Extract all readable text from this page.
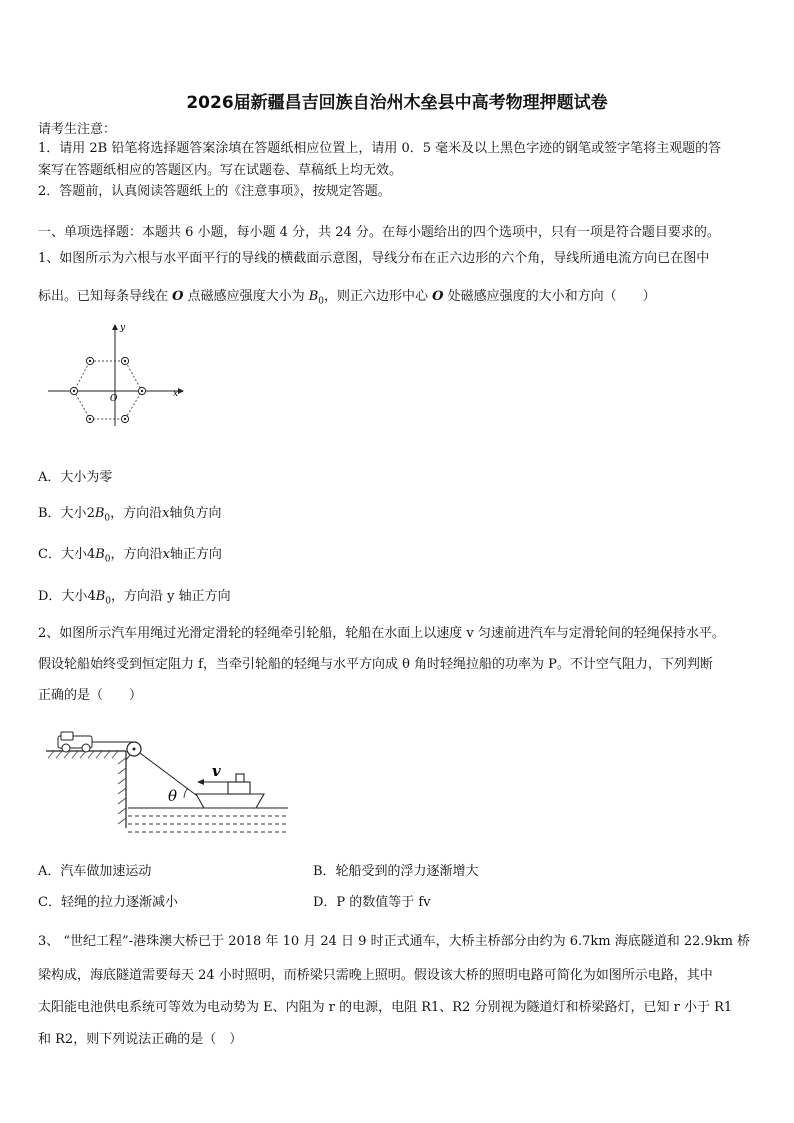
2026届新疆昌吉回族自治州木垒县中高考物理押题试卷
请考生注意：
1．请用 2B 铅笔将选择题答案涂填在答题纸相应位置上，请用 0．5 毫米及以上黑色字迹的钢笔或签字笔将主观题的答
案写在答题纸相应的答题区内。写在试题卷、草稿纸上均无效。
2．答题前，认真阅读答题纸上的《注意事项》，按规定答题。
一、单项选择题：本题共 6 小题，每小题 4 分，共 24 分。在每小题给出的四个选项中，只有一项是符合题目要求的。
1、如图所示为六根与水平面平行的导线的横截面示意图，导线分布在正六边形的六个角，导线所通电流方向已在图中
标出。已知每条导线在 O 点磁感应强度大小为 $B_0$，则正六边形中心 O 处磁感应强度的大小和方向（　　）
y
x
O
A．大小为零
B．大小$2B_0$，方向沿x轴负方向
C．大小$4B_0$，方向沿x轴正方向
D．大小$4B_0$，方向沿 y 轴正方向
2、如图所示汽车用绳过光滑定滑轮的轻绳牵引轮船，轮船在水面上以速度 v 匀速前进汽车与定滑轮间的轻绳保持水平。
假设轮船始终受到恒定阻力 f，当牵引轮船的轻绳与水平方向成 θ 角时轻绳拉船的功率为 P。不计空气阻力，下列判断
正确的是（　　）
θ
v
A．汽车做加速运动	B．轮船受到的浮力逐渐增大
C．轻绳的拉力逐渐减小	D．P 的数值等于 fv
3、 “世纪工程”-港珠澳大桥已于 2018 年 10 月 24 日 9 时正式通车，大桥主桥部分由约为 6.7km 海底隧道和 22.9km 桥
梁构成，海底隧道需要每天 24 小时照明，而桥梁只需晚上照明。假设该大桥的照明电路可简化为如图所示电路，其中
太阳能电池供电系统可等效为电动势为 E、内阻为 r 的电源，电阻 R1、R2 分别视为隧道灯和桥梁路灯，已知 r 小于 R1
和 R2，则下列说法正确的是（　）
